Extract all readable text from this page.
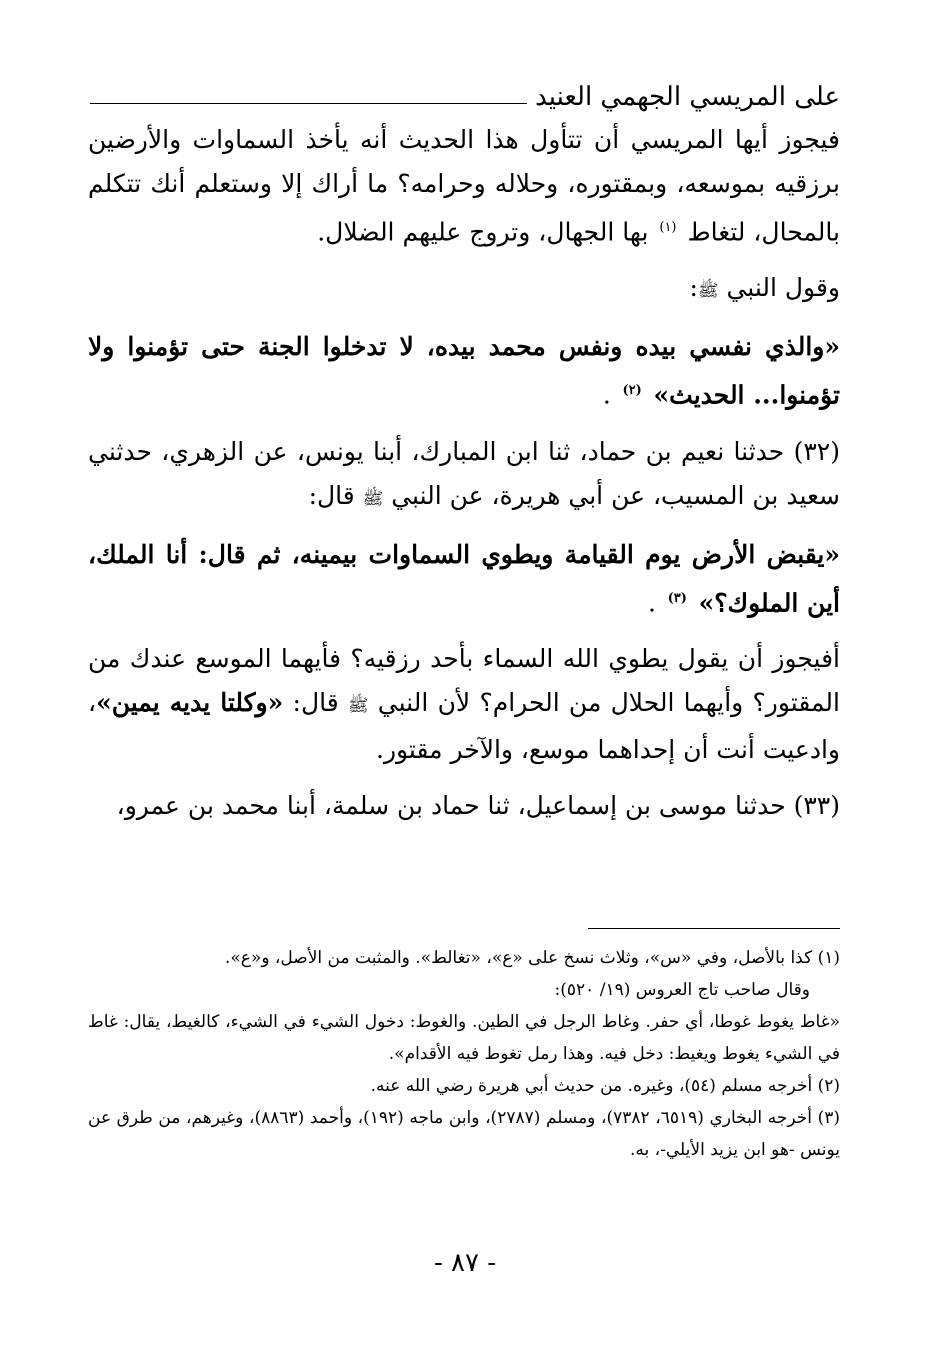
على المريسي الجهمي العنيد

فيجوز أيها المريسي أن تتأول هذا الحديث أنه يأخذ السماوات والأرضين برزقيه بموسعه، وبمقتوره، وحلاله وحرامه؟ ما أراك إلا وستعلم أنك تتكلم بالمحال، لتغاط $^{(١)}$ بها الجهال، وتروج عليهم الضلال.

وقول النبي ﷺ:

«والذي نفسي بيده ونفس محمد بيده، لا تدخلوا الجنة حتى تؤمنوا ولا تؤمنوا... الحديث» $^{(٢)}$ .

(٣٢) حدثنا نعيم بن حماد، ثنا ابن المبارك، أبنا يونس، عن الزهري، حدثني سعيد بن المسيب، عن أبي هريرة، عن النبي ﷺ قال:

«يقبض الأرض يوم القيامة ويطوي السماوات بيمينه، ثم قال: أنا الملك، أين الملوك؟» $^{(٣)}$ .

أفيجوز أن يقول يطوي الله السماء بأحد رزقيه؟ فأيهما الموسع عندك من المقتور؟ وأيهما الحلال من الحرام؟ لأن النبي ﷺ قال: «وكلتا يديه يمين»، وادعيت أنت أن إحداهما موسع، والآخر مقتور.

(٣٣) حدثنا موسى بن إسماعيل، ثنا حماد بن سلمة، أبنا محمد بن عمرو،

(١) كذا بالأصل، وفي «س»، وثلاث نسخ على «ع»، «تغالط». والمثبت من الأصل، و«ع».

وقال صاحب تاج العروس (١٩/ ٥٢٠):

«غاط يغوط غوطا، أي حفر. وغاط الرجل في الطين. والغوط: دخول الشيء في الشيء، كالغيط، يقال: غاط في الشيء يغوط ويغيط: دخل فيه. وهذا رمل تغوط فيه الأقدام».

(٢) أخرجه مسلم (٥٤)، وغيره. من حديث أبي هريرة رضي الله عنه.

(٣) أخرجه البخاري (٦٥١٩، ٧٣٨٢)، ومسلم (٢٧٨٧)، وابن ماجه (١٩٢)، وأحمد (٨٨٦٣)، وغيرهم، من طرق عن يونس -هو ابن يزيد الأيلي-، به.

- ٨٧ -
